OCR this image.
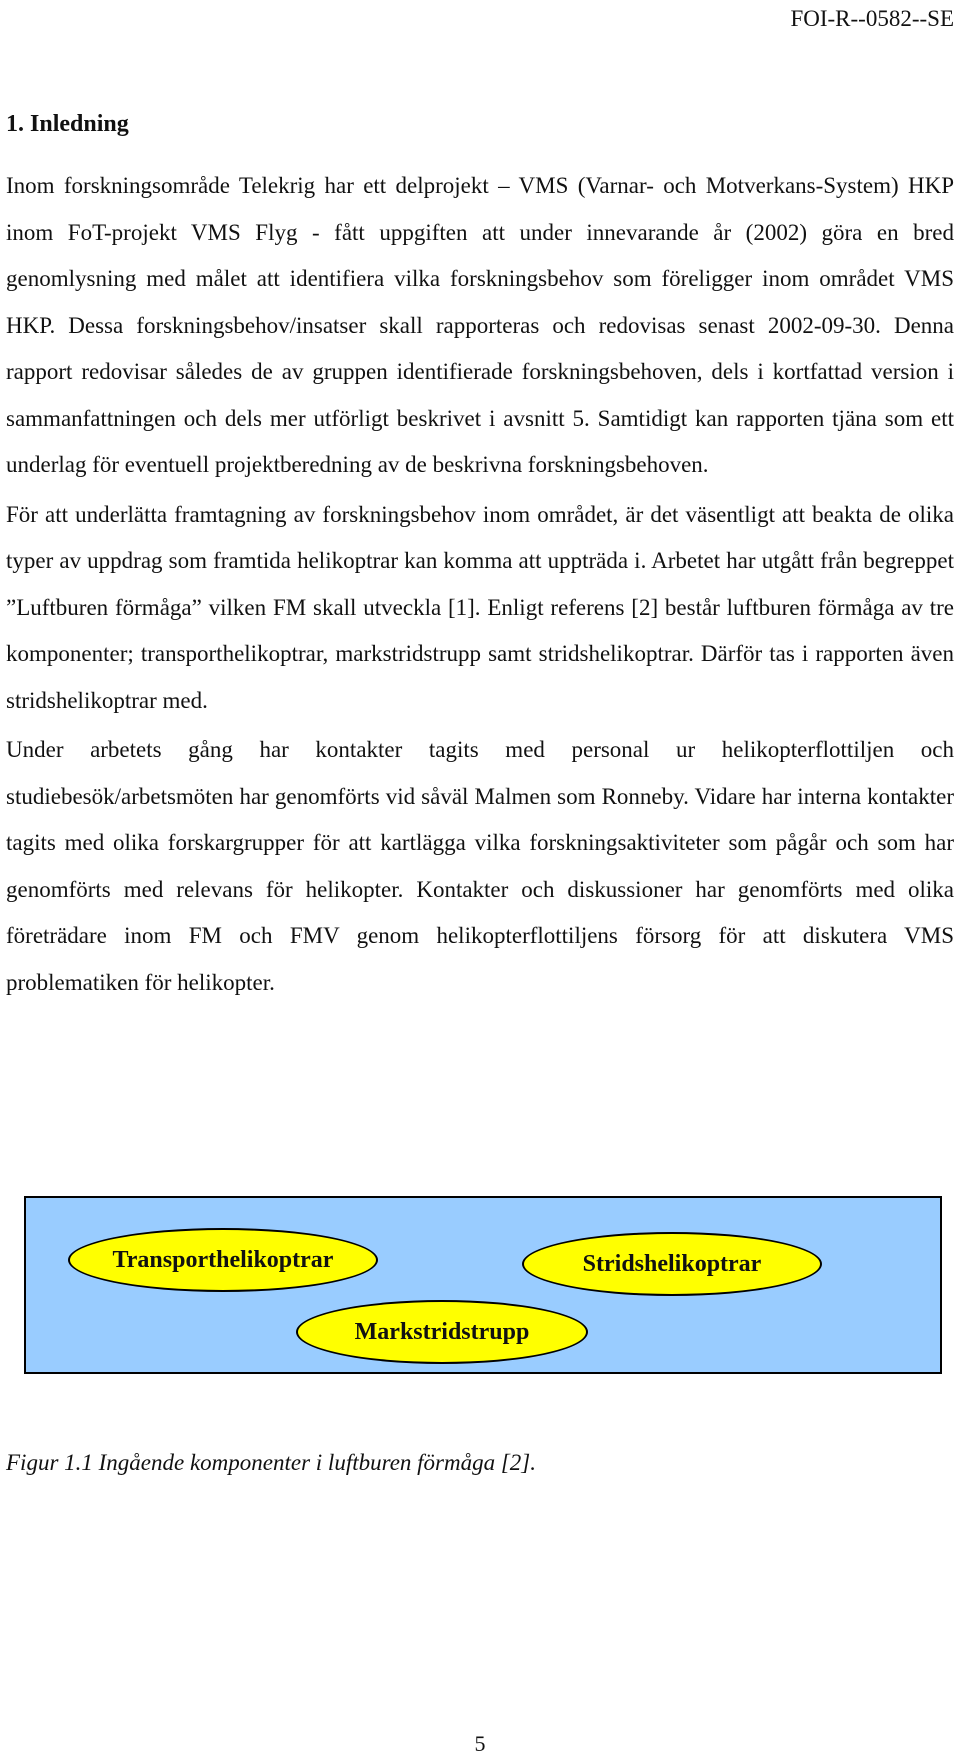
FOI-R--0582--SE
1. Inledning

Inom forskningsområde Telekrig har ett delprojekt – VMS (Varnar- och Motverkans-System) HKP inom FoT-projekt VMS Flyg - fått uppgiften att under innevarande år (2002) göra en bred genomlysning med målet att identifiera vilka forskningsbehov som föreligger inom området VMS HKP. Dessa forskningsbehov/insatser skall rapporteras och redovisas senast 2002-09-30. Denna rapport redovisar således de av gruppen identifierade forskningsbehoven, dels i kortfattad version i sammanfattningen och dels mer utförligt beskrivet i avsnitt 5. Samtidigt kan rapporten tjäna som ett underlag för eventuell projektberedning av de beskrivna forskningsbehoven.

För att underlätta framtagning av forskningsbehov inom området, är det väsentligt att beakta de olika typer av uppdrag som framtida helikoptrar kan komma att uppträda i. Arbetet har utgått från begreppet ”Luftburen förmåga” vilken FM skall utveckla [1]. Enligt referens [2] består luftburen förmåga av tre komponenter; transporthelikoptrar, markstridstrupp samt stridshelikoptrar. Därför tas i rapporten även stridshelikoptrar med.

Under arbetets gång har kontakter tagits med personal ur helikopterflottiljen och studiebesök/arbetsmöten har genomförts vid såväl Malmen som Ronneby. Vidare har interna kontakter tagits med olika forskargrupper för att kartlägga vilka forskningsaktiviteter som pågår och som har genomförts med relevans för helikopter. Kontakter och diskussioner har genomförts med olika företrädare inom FM och FMV genom helikopterflottiljens försorg för att diskutera VMS problematiken för helikopter.

Transporthelikoptrar	Stridshelikoptrar
Markstridstrupp
Figur 1.1 Ingående komponenter i luftburen förmåga [2].
5
